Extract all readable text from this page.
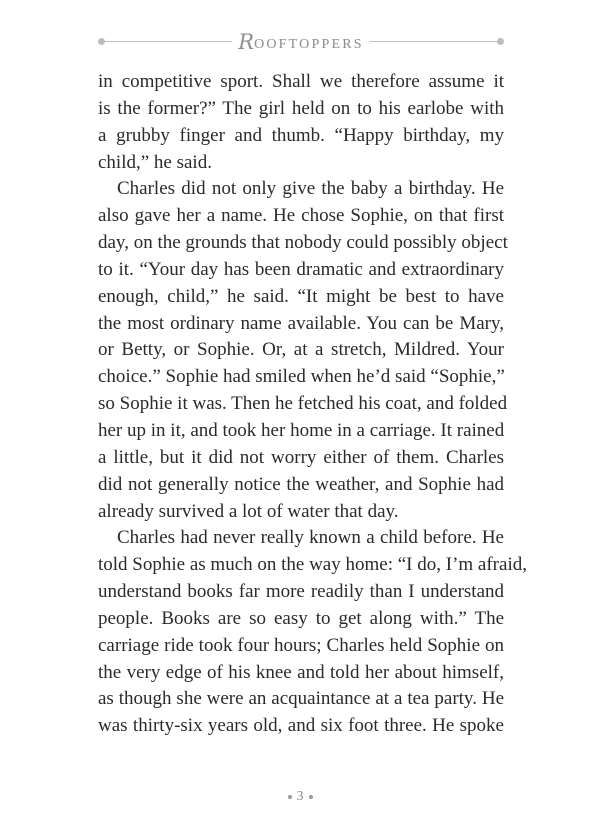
ROOFTOPPERS
in competitive sport. Shall we therefore assume it
is the former?” The girl held on to his earlobe with
a grubby finger and thumb. “Happy birthday, my
child,” he said.
Charles did not only give the baby a birthday. He
also gave her a name. He chose Sophie, on that first
day, on the grounds that nobody could possibly object
to it. “Your day has been dramatic and extraordinary
enough, child,” he said. “It might be best to have
the most ordinary name available. You can be Mary,
or Betty, or Sophie. Or, at a stretch, Mildred. Your
choice.” Sophie had smiled when he’d said “Sophie,”
so Sophie it was. Then he fetched his coat, and folded
her up in it, and took her home in a carriage. It rained
a little, but it did not worry either of them. Charles
did not generally notice the weather, and Sophie had
already survived a lot of water that day.
Charles had never really known a child before. He
told Sophie as much on the way home: “I do, I’m afraid,
understand books far more readily than I understand
people. Books are so easy to get along with.” The
carriage ride took four hours; Charles held Sophie on
the very edge of his knee and told her about himself,
as though she were an acquaintance at a tea party. He
was thirty-six years old, and six foot three. He spoke
3
